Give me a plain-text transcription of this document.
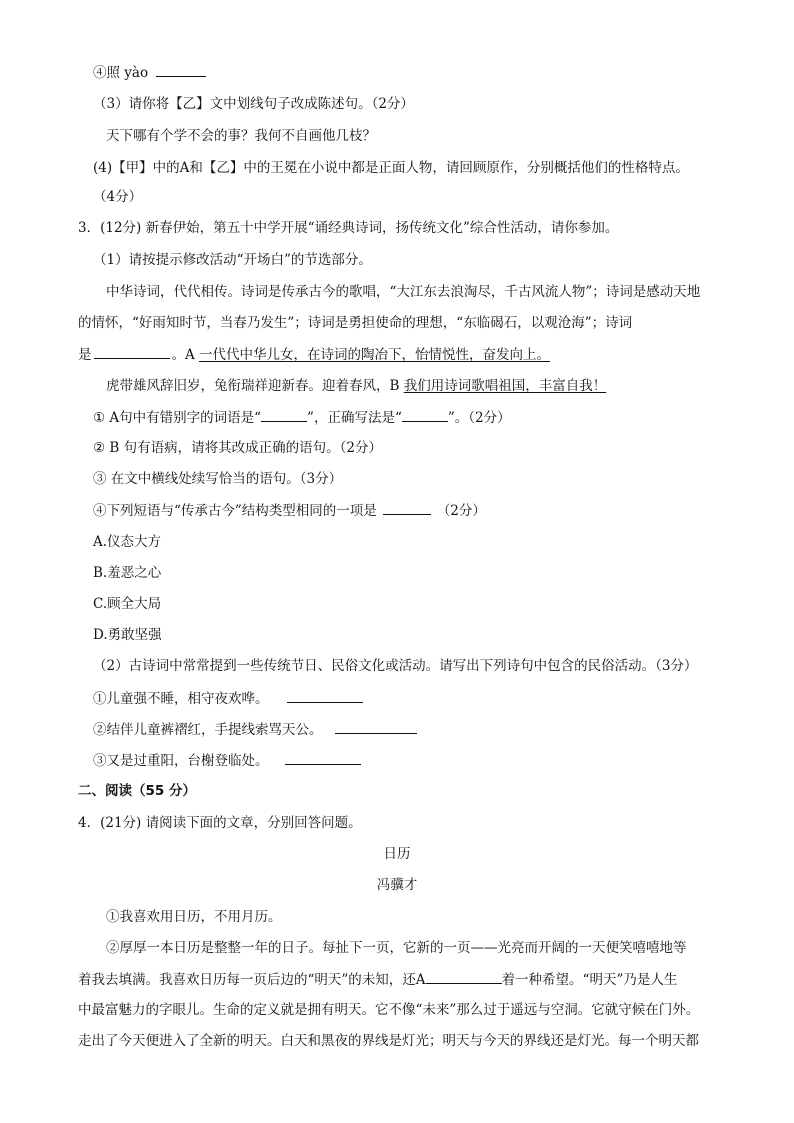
④照 yào
（3）请你将【乙】文中划线句子改成陈述句。（2分）
天下哪有个学不会的事？我何不自画他几枝？
(4)【甲】中的A和【乙】中的王冕在小说中都是正面人物，请回顾原作，分别概括他们的性格特点。
（4分）
3．(12分) 新春伊始，第五十中学开展“诵经典诗词，扬传统文化”综合性活动，请你参加。
（1）请按提示修改活动“开场白”的节选部分。
中华诗词，代代相传。诗词是传承古今的歌唱，“大江东去浪淘尽，千古风流人物”；诗词是感动天地
的情怀，“好雨知时节，当春乃发生”；诗词是勇担使命的理想，“东临碣石，以观沧海”；诗词
是	。A 一代代中华儿女，在诗词的陶冶下，怡情悦性，奋发向上。
虎带雄风辞旧岁，兔衔瑞祥迎新春。迎着春风，B 我们用诗词歌唱祖国，丰富自我！
① A句中有错别字的词语是“	”，正确写法是“	”。（2分）
② B 句有语病，请将其改成正确的语句。（2分）
③ 在文中横线处续写恰当的语句。（3分）
④下列短语与“传承古今”结构类型相同的一项是	（2分）
A.仪态大方
B.羞恶之心
C.顾全大局
D.勇敢坚强
（2）古诗词中常常提到一些传统节日、民俗文化或活动。请写出下列诗句中包含的民俗活动。（3分）
①儿童强不睡，相守夜欢哗。
②结伴儿童裤褶红，手提线索骂天公。
③又是过重阳，台榭登临处。
二、阅读（55 分）
4．(21分) 请阅读下面的文章，分别回答问题。
日历
冯骥才
①我喜欢用日历，不用月历。
②厚厚一本日历是整整一年的日子。每扯下一页，它新的一页——光亮而开阔的一天便笑嘻嘻地等
着我去填满。我喜欢日历每一页后边的“明天”的未知，还A	着一种希望。“明天”乃是人生
中最富魅力的字眼儿。生命的定义就是拥有明天。它不像“未来”那么过于遥远与空洞。它就守候在门外。
走出了今天便进入了全新的明天。白天和黑夜的界线是灯光；明天与今天的界线还是灯光。每一个明天都
